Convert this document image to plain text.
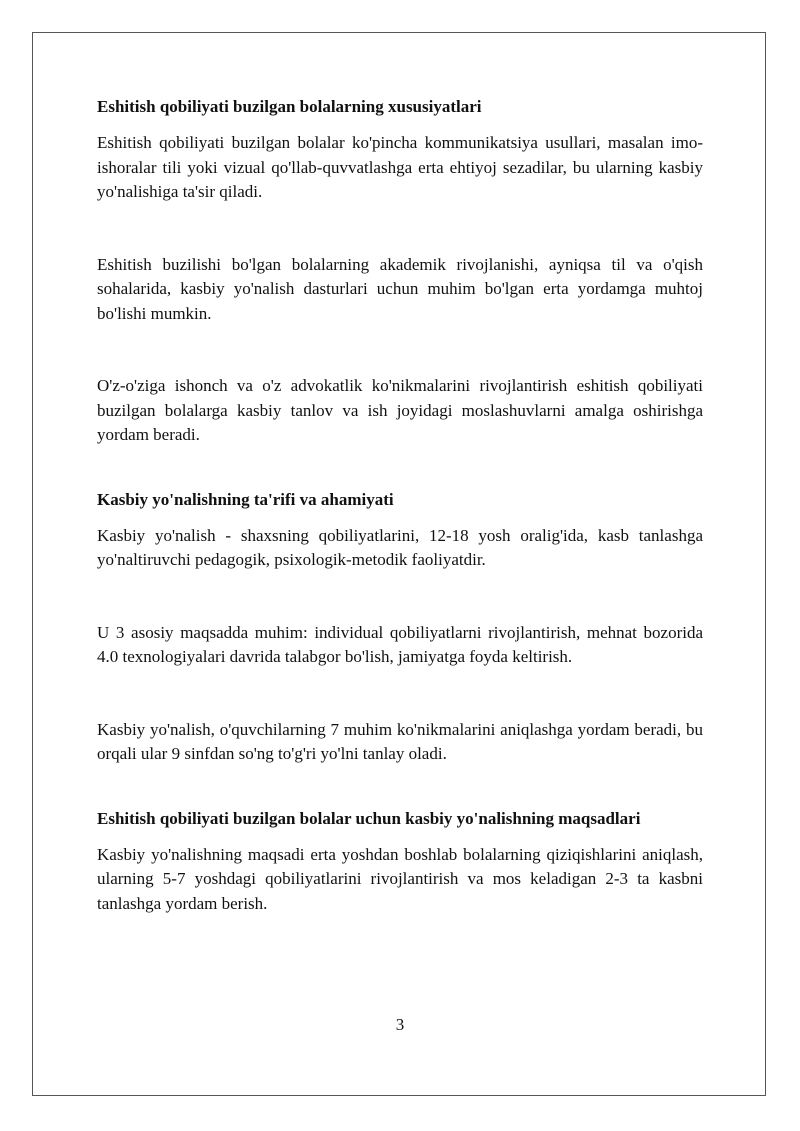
Eshitish qobiliyati buzilgan bolalarning xususiyatlari

Eshitish qobiliyati buzilgan bolalar ko'pincha kommunikatsiya usullari, masalan imo-ishoralar tili yoki vizual qo'llab-quvvatlashga erta ehtiyoj sezadilar, bu ularning kasbiy yo'nalishiga ta'sir qiladi.

Eshitish buzilishi bo'lgan bolalarning akademik rivojlanishi, ayniqsa til va o'qish sohalarida, kasbiy yo'nalish dasturlari uchun muhim bo'lgan erta yordamga muhtoj bo'lishi mumkin.

O'z-o'ziga ishonch va o'z advokatlik ko'nikmalarini rivojlantirish eshitish qobiliyati buzilgan bolalarga kasbiy tanlov va ish joyidagi moslashuvlarni amalga oshirishga yordam beradi.

Kasbiy yo'nalishning ta'rifi va ahamiyati

Kasbiy yo'nalish - shaxsning qobiliyatlarini, 12-18 yosh oralig'ida, kasb tanlashga yo'naltiruvchi pedagogik, psixologik-metodik faoliyatdir.

U 3 asosiy maqsadda muhim: individual qobiliyatlarni rivojlantirish, mehnat bozorida 4.0 texnologiyalari davrida talabgor bo'lish, jamiyatga foyda keltirish.

Kasbiy yo'nalish, o'quvchilarning 7 muhim ko'nikmalarini aniqlashga yordam beradi, bu orqali ular 9 sinfdan so'ng to'g'ri yo'lni tanlay oladi.

Eshitish qobiliyati buzilgan bolalar uchun kasbiy yo'nalishning maqsadlari

Kasbiy yo'nalishning maqsadi erta yoshdan boshlab bolalarning qiziqishlarini aniqlash, ularning 5-7 yoshdagi qobiliyatlarini rivojlantirish va mos keladigan 2-3 ta kasbni tanlashga yordam berish.

3
